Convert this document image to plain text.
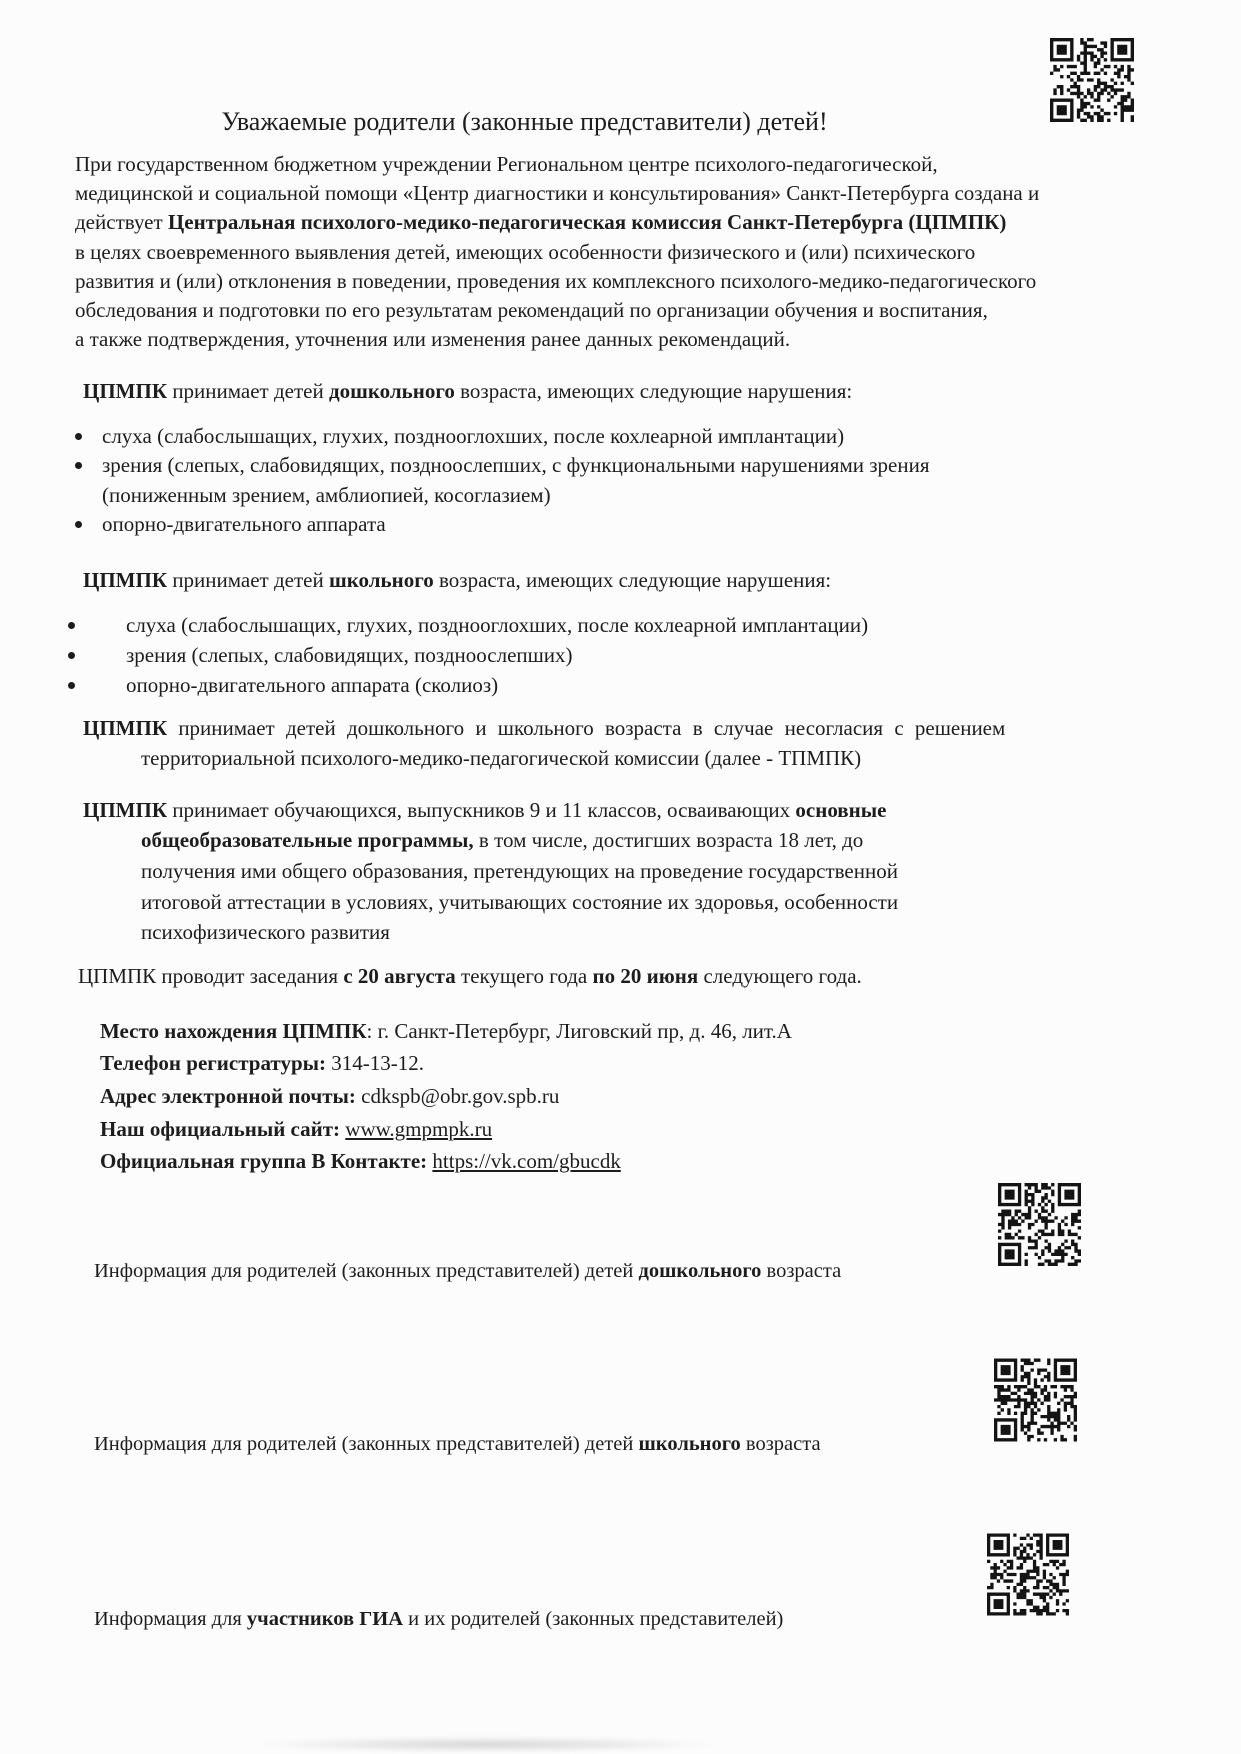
Уважаемые родители (законные представители) детей!
При государственном бюджетном учреждении Региональном центре психолого-педагогической,
медицинской и социальной помощи «Центр диагностики и консультирования» Санкт-Петербурга создана и
действует Центральная психолого-медико-педагогическая комиссия Санкт-Петербурга (ЦПМПК)
в целях своевременного выявления детей, имеющих особенности физического и (или) психического
развития и (или) отклонения в поведении, проведения их комплексного психолого-медико-педагогического
обследования и подготовки по его результатам рекомендаций по организации обучения и воспитания,
а также подтверждения, уточнения или изменения ранее данных рекомендаций.
ЦПМПК принимает детей дошкольного возраста, имеющих следующие нарушения:
слуха (слабослышащих, глухих, позднооглохших, после кохлеарной имплантации)
зрения (слепых, слабовидящих, поздноослепших, с функциональными нарушениями зрения
(пониженным зрением, амблиопией, косоглазием)
опорно-двигательного аппарата
ЦПМПК принимает детей школьного возраста, имеющих следующие нарушения:
слуха (слабослышащих, глухих, позднооглохших, после кохлеарной имплантации)
зрения (слепых, слабовидящих, поздноослепших)
опорно-двигательного аппарата (сколиоз)
ЦПМПК принимает детей дошкольного и школьного возраста в случае несогласия с решением
территориальной психолого-медико-педагогической комиссии (далее - ТПМПК)
ЦПМПК принимает обучающихся, выпускников 9 и 11 классов, осваивающих основные
общеобразовательные программы, в том числе, достигших возраста 18 лет, до
получения ими общего образования, претендующих на проведение государственной
итоговой аттестации в условиях, учитывающих состояние их здоровья, особенности
психофизического развития
ЦПМПК проводит заседания с 20 августа текущего года по 20 июня следующего года.
Место нахождения ЦПМПК: г. Санкт-Петербург, Лиговский пр, д. 46, лит.А
Телефон регистратуры: 314-13-12.
Адрес электронной почты: cdkspb@obr.gov.spb.ru
Наш официальный сайт: www.gmpmpk.ru
Официальная группа В Контакте: https://vk.com/gbucdk
Информация для родителей (законных представителей) детей дошкольного возраста
Информация для родителей (законных представителей) детей школьного возраста
Информация для участников ГИА и их родителей (законных представителей)
